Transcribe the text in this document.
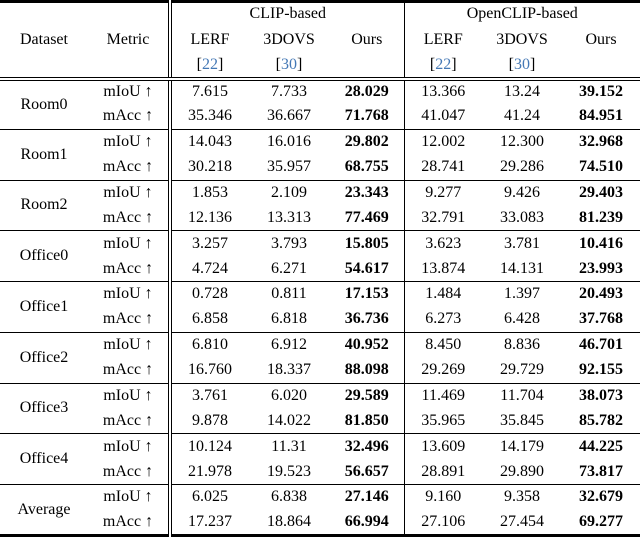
Dataset	Metric	CLIP-based			OpenCLIP-based		
		LERF	3DOVS	Ours	LERF	3DOVS	Ours
		[22]	[30]		[22]	[30]	
Room0	mIoU ↑	7.615	7.733	28.029	13.366	13.24	39.152
	mAcc ↑	35.346	36.667	71.768	41.047	41.24	84.951
Room1	mIoU ↑	14.043	16.016	29.802	12.002	12.300	32.968
	mAcc ↑	30.218	35.957	68.755	28.741	29.286	74.510
Room2	mIoU ↑	1.853	2.109	23.343	9.277	9.426	29.403
	mAcc ↑	12.136	13.313	77.469	32.791	33.083	81.239
Office0	mIoU ↑	3.257	3.793	15.805	3.623	3.781	10.416
	mAcc ↑	4.724	6.271	54.617	13.874	14.131	23.993
Office1	mIoU ↑	0.728	0.811	17.153	1.484	1.397	20.493
	mAcc ↑	6.858	6.818	36.736	6.273	6.428	37.768
Office2	mIoU ↑	6.810	6.912	40.952	8.450	8.836	46.701
	mAcc ↑	16.760	18.337	88.098	29.269	29.729	92.155
Office3	mIoU ↑	3.761	6.020	29.589	11.469	11.704	38.073
	mAcc ↑	9.878	14.022	81.850	35.965	35.845	85.782
Office4	mIoU ↑	10.124	11.31	32.496	13.609	14.179	44.225
	mAcc ↑	21.978	19.523	56.657	28.891	29.890	73.817
Average	mIoU ↑	6.025	6.838	27.146	9.160	9.358	32.679
	mAcc ↑	17.237	18.864	66.994	27.106	27.454	69.277
